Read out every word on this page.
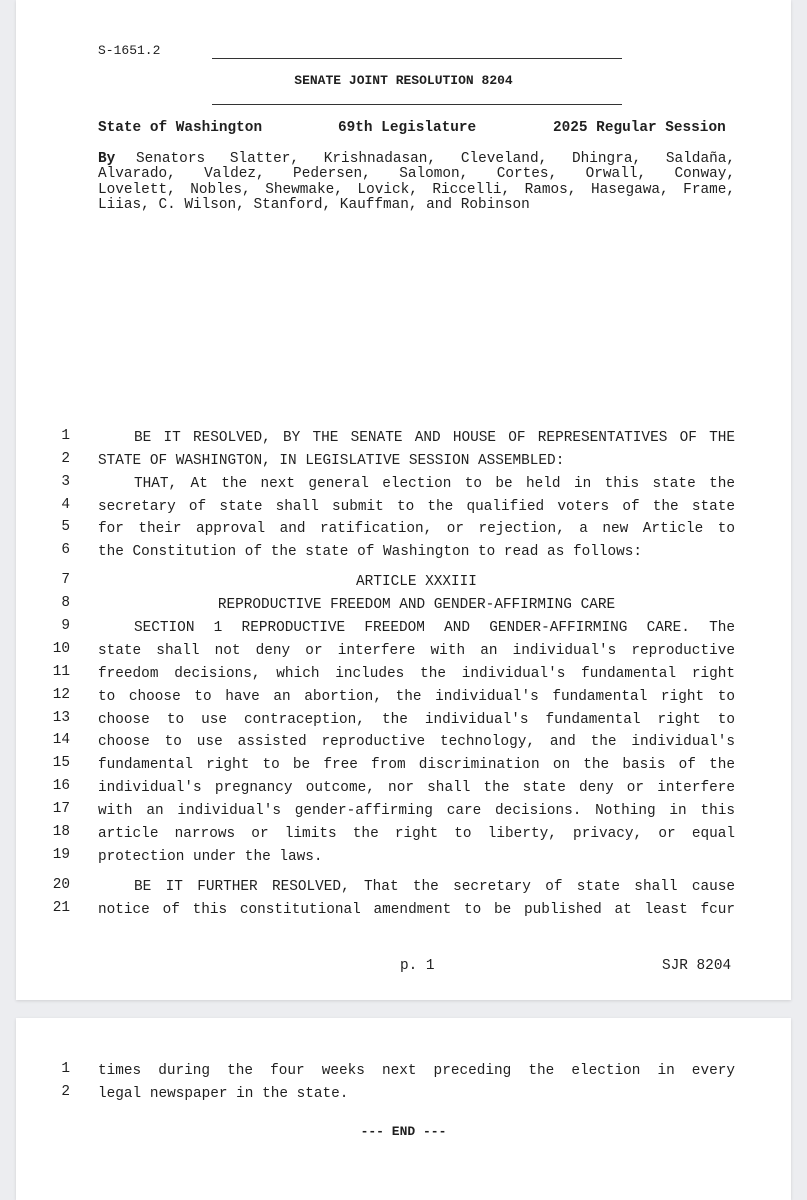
S-1651.2
SENATE JOINT RESOLUTION 8204
State of Washington	69th Legislature	2025 Regular Session
By Senators Slatter, Krishnadasan, Cleveland, Dhingra, Saldaña,
Alvarado, Valdez, Pedersen, Salomon, Cortes, Orwall, Conway,
Lovelett, Nobles, Shewmake, Lovick, Riccelli, Ramos, Hasegawa, Frame,
Liias, C. Wilson, Stanford, Kauffman, and Robinson
1	BE IT RESOLVED, BY THE SENATE AND HOUSE OF REPRESENTATIVES OF THE
2 STATE OF WASHINGTON, IN LEGISLATIVE SESSION ASSEMBLED:
3	THAT, At the next general election to be held in this state the
4 secretary of state shall submit to the qualified voters of the state
5 for their approval and ratification, or rejection, a new Article to
6 the Constitution of the state of Washington to read as follows:
7	ARTICLE XXXIII
8	REPRODUCTIVE FREEDOM AND GENDER-AFFIRMING CARE
9	SECTION 1 REPRODUCTIVE FREEDOM AND GENDER-AFFIRMING CARE. The
10 state shall not deny or interfere with an individual's reproductive
11 freedom decisions, which includes the individual's fundamental right
12 to choose to have an abortion, the individual's fundamental right to
13 choose to use contraception, the individual's fundamental right to
14 choose to use assisted reproductive technology, and the individual's
15 fundamental right to be free from discrimination on the basis of the
16 individual's pregnancy outcome, nor shall the state deny or interfere
17 with an individual's gender-affirming care decisions. Nothing in this
18 article narrows or limits the right to liberty, privacy, or equal
19 protection under the laws.
20	BE IT FURTHER RESOLVED, That the secretary of state shall cause
21 notice of this constitutional amendment to be published at least fcur
p. 1	SJR 8204
1 times during the four weeks next preceding the election in every
2 legal newspaper in the state.
--- END ---
